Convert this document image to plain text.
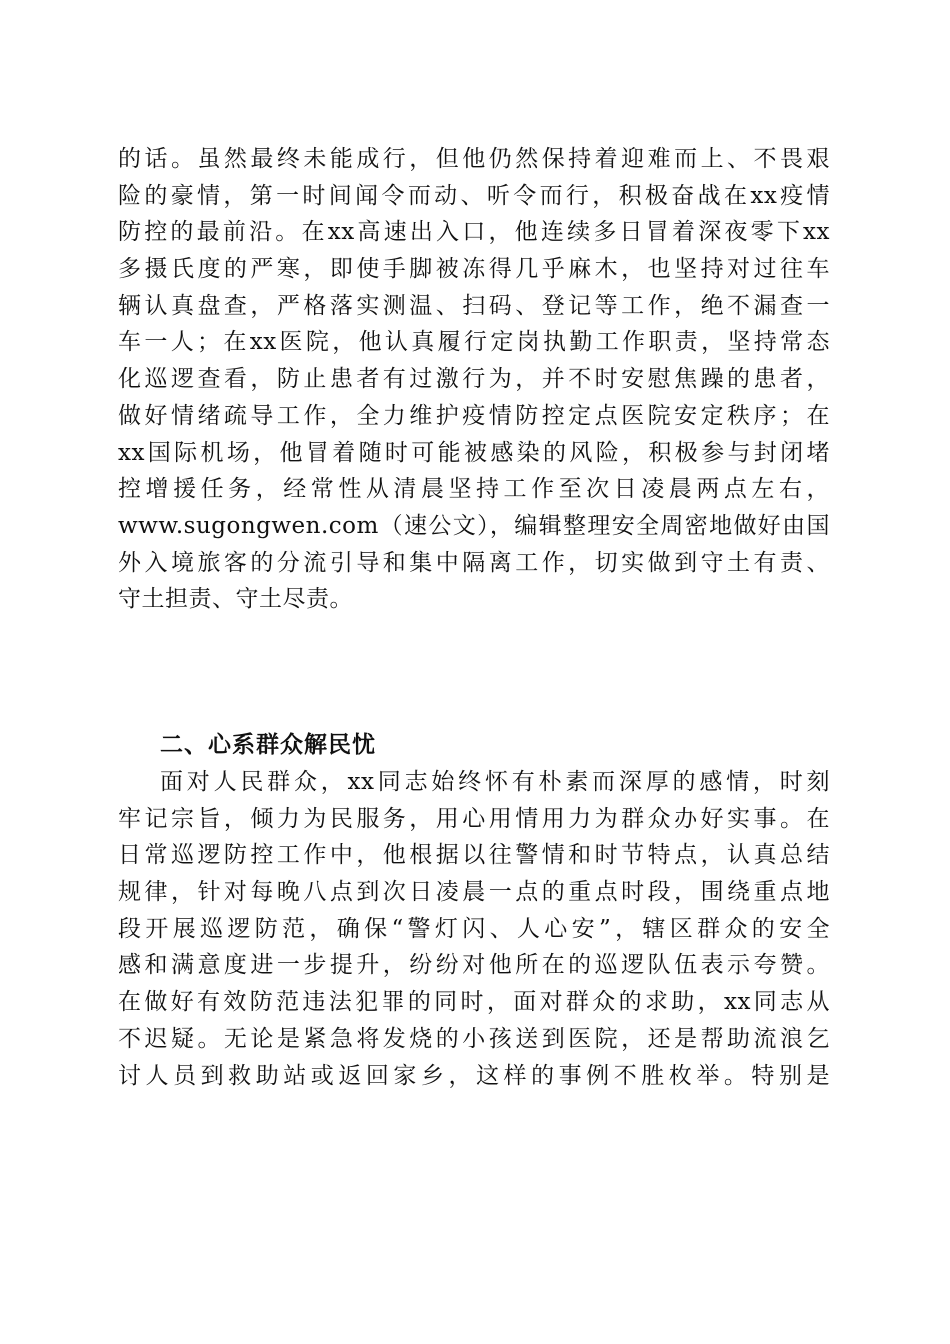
的话。虽然最终未能成行，但他仍然保持着迎难而上、不畏艰
险的豪情，第一时间闻令而动、听令而行，积极奋战在xx疫情
防控的最前沿。在xx高速出入口，他连续多日冒着深夜零下xx
多摄氏度的严寒，即使手脚被冻得几乎麻木，也坚持对过往车
辆认真盘查，严格落实测温、扫码、登记等工作，绝不漏查一
车一人；在xx医院，他认真履行定岗执勤工作职责，坚持常态
化巡逻查看，防止患者有过激行为，并不时安慰焦躁的患者，
做好情绪疏导工作，全力维护疫情防控定点医院安定秩序；在
xx国际机场，他冒着随时可能被感染的风险，积极参与封闭堵
控增援任务，经常性从清晨坚持工作至次日凌晨两点左右，
www.sugongwen.com（速公文），编辑整理安全周密地做好由国
外入境旅客的分流引导和集中隔离工作，切实做到守土有责、
守土担责、守土尽责。
二、心系群众解民忧
面对人民群众，xx同志始终怀有朴素而深厚的感情，时刻
牢记宗旨，倾力为民服务，用心用情用力为群众办好实事。在
日常巡逻防控工作中，他根据以往警情和时节特点，认真总结
规律，针对每晚八点到次日凌晨一点的重点时段，围绕重点地
段开展巡逻防范，确保“警灯闪、人心安”，辖区群众的安全
感和满意度进一步提升，纷纷对他所在的巡逻队伍表示夸赞。
在做好有效防范违法犯罪的同时，面对群众的求助，xx同志从
不迟疑。无论是紧急将发烧的小孩送到医院，还是帮助流浪乞
讨人员到救助站或返回家乡，这样的事例不胜枚举。特别是
